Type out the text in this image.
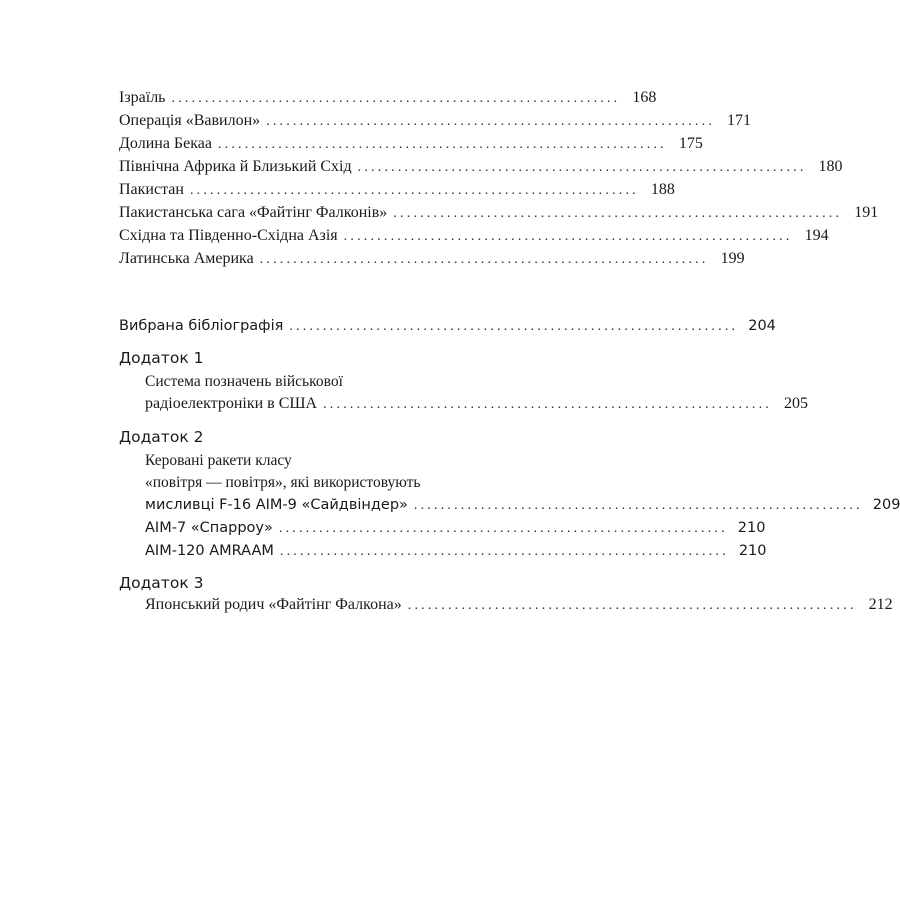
Ізраїль ................................................................... 168
Операція «Вавилон» ................................................................... 171
Долина Бекаа ................................................................... 175
Північна Африка й Близький Схід ................................................................... 180
Пакистан ................................................................... 188
Пакистанська сага «Файтінг Фалконів» ................................................................... 191
Східна та Південно-Східна Азія ................................................................... 194
Латинська Америка ................................................................... 199
Вибрана бібліографія ................................................................... 204
Додаток 1
Система позначень військової
радіоелектроніки в США ................................................................... 205
Додаток 2
Керовані ракети класу
«повітря — повітря», які використовують
мисливці F-16 AIM-9 «Сайдвіндер» ................................................................... 209
AIM-7 «Спарроу» ................................................................... 210
AIM-120 AMRAAM ................................................................... 210
Додаток 3
Японський родич «Файтінг Фалкона» ................................................................... 212
